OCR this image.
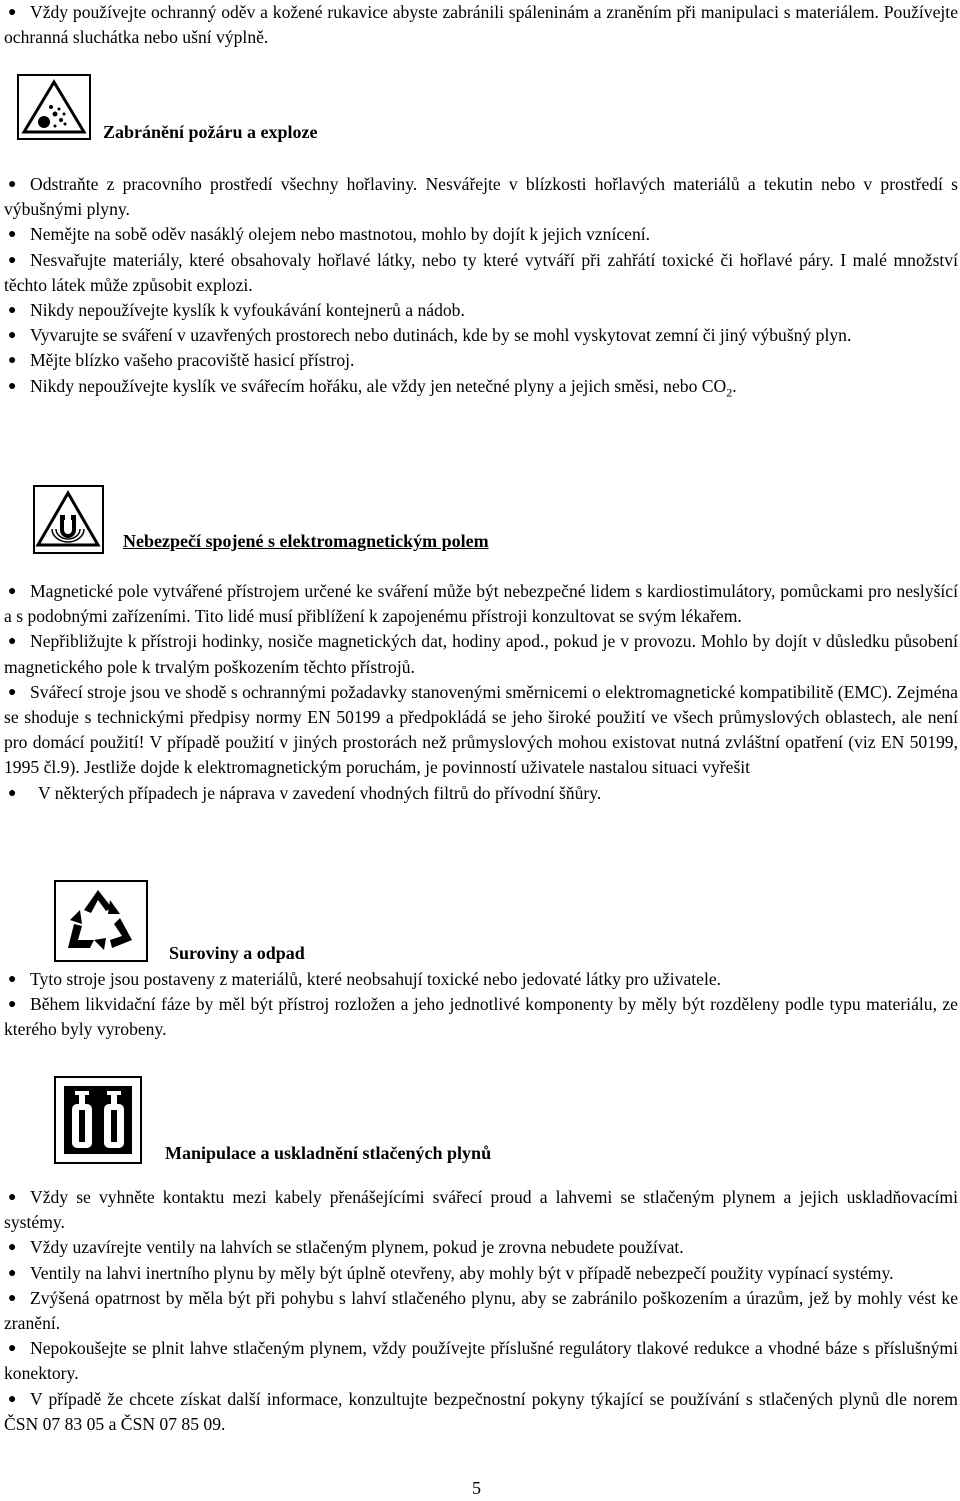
● Vždy používejte ochranný oděv a kožené rukavice abyste zabránili spáleninám a zraněním při manipulaci s materiálem. Používejte ochranná sluchátka nebo ušní výplně.
Zabránění požáru a exploze
● Odstraňte z pracovního prostředí všechny hořlaviny. Nesvářejte v blízkosti hořlavých materiálů a tekutin nebo v prostředí s výbušnými plyny.
● Nemějte na sobě oděv nasáklý olejem nebo mastnotou, mohlo by dojít k jejich vznícení.
● Nesvařujte materiály, které obsahovaly hořlavé látky, nebo ty které vytváří při zahřátí toxické či hořlavé páry. I malé množství těchto látek může způsobit explozi.
● Nikdy nepoužívejte kyslík k vyfoukávání kontejnerů a nádob.
● Vyvarujte se sváření v uzavřených prostorech nebo dutinách, kde by se mohl vyskytovat zemní či jiný výbušný plyn.
● Mějte blízko vašeho pracoviště hasicí přístroj.
● Nikdy nepoužívejte kyslík ve svářecím hořáku, ale vždy jen netečné plyny a jejich směsi, nebo $CO_2$.
Nebezpečí spojené s elektromagnetickým polem
● Magnetické pole vytvářené přístrojem určené ke sváření může být nebezpečné lidem s kardiostimulátory, pomůckami pro neslyšící a s podobnými zařízeními. Tito lidé musí přiblížení k zapojenému přístroji konzultovat se svým lékařem.
● Nepřibližujte k přístroji hodinky, nosiče magnetických dat, hodiny apod., pokud je v provozu. Mohlo by dojít v důsledku působení magnetického pole k trvalým poškozením těchto přístrojů.
● Svářecí stroje jsou ve shodě s ochrannými požadavky stanovenými směrnicemi o elektromagnetické kompatibilitě (EMC). Zejména se shoduje s technickými předpisy normy EN 50199 a předpokládá se jeho široké použití ve všech průmyslových oblastech, ale není pro domácí použití! V případě použití v jiných prostorách než průmyslových mohou existovat nutná zvláštní opatření (viz EN 50199, 1995 čl.9). Jestliže dojde k elektromagnetickým poruchám, je povinností uživatele nastalou situaci vyřešit
● V některých případech je náprava v zavedení vhodných filtrů do přívodní šňůry.
Suroviny a odpad
● Tyto stroje jsou postaveny z materiálů, které neobsahují toxické nebo jedovaté látky pro uživatele.
● Během likvidační fáze by měl být přístroj rozložen a jeho jednotlivé komponenty by měly být rozděleny podle typu materiálu, ze kterého byly vyrobeny.
Manipulace a uskladnění stlačených plynů
● Vždy se vyhněte kontaktu mezi kabely přenášejícími svářecí proud a lahvemi se stlačeným plynem a jejich uskladňovacími systémy.
● Vždy uzavírejte ventily na lahvích se stlačeným plynem, pokud je zrovna nebudete používat.
● Ventily na lahvi inertního plynu by měly být úplně otevřeny, aby mohly být v případě nebezpečí použity vypínací systémy.
● Zvýšená opatrnost by měla být při pohybu s lahví stlačeného plynu, aby se zabránilo poškozením a úrazům, jež by mohly vést ke zranění.
● Nepokoušejte se plnit lahve stlačeným plynem, vždy používejte příslušné regulátory tlakové redukce a vhodné báze s příslušnými konektory.
● V případě že chcete získat další informace, konzultujte bezpečnostní pokyny týkající se používání s stlačených plynů dle norem ČSN 07 83 05 a ČSN 07 85 09.
5
